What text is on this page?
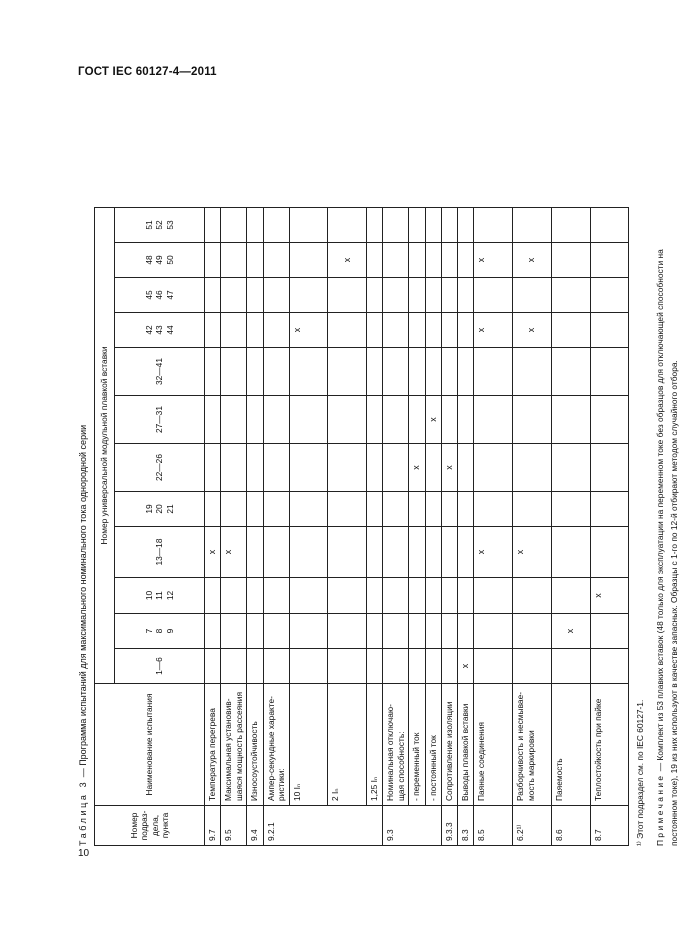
ГОСТ IEC 60127-4—2011
10
Таблица 3 — Программа испытаний для максимального номинального тока однородной серии
Номер подраз- дела, пункта	Наименование испытания	Номер универсальной модульной плавкой вставки											

		1—6	7 8 9	10 11 12	13—18	19 20 21	22—26	27—31	32—41	42 43 44	45 46 47	48 49 50	51 52 53

9.7	Температура перегрева				x								

9.5	Максимальная установив- шаяся мощность рассеяния				x								

9.4	Износоустойчивость												

9.2.1	Ампер-секундные характе- ристики:												

	10 Iₙ									x			

	2 Iₙ											x	

	1,25 Iₙ												

9.3	Номинальная отключаю- щая способность:												

	- переменный ток						x						

	- постоянный ток							x					

9.3.3	Сопротивление изоляции						x						

8.3	Выводы плавкой вставки	x											

8.5	Паяные соединения				x					x		x	

6.2¹⁾	Разборчивость и несмывае- мость маркировки				x					x		x	

8.6	Паяемость		x										

8.7	Теплостойкость при пайке			x									

¹⁾ Этот подраздел см. по IEC 60127-1. Примечание — Комплект из 53 плавких вставок (48 только для эксплуатации на переменном токе без образцов для отключающей способности на постоянном токе), 19 из них используют в качестве запасных. Образцы с 1-го по 12-й отбирают методом случайного отбора.
